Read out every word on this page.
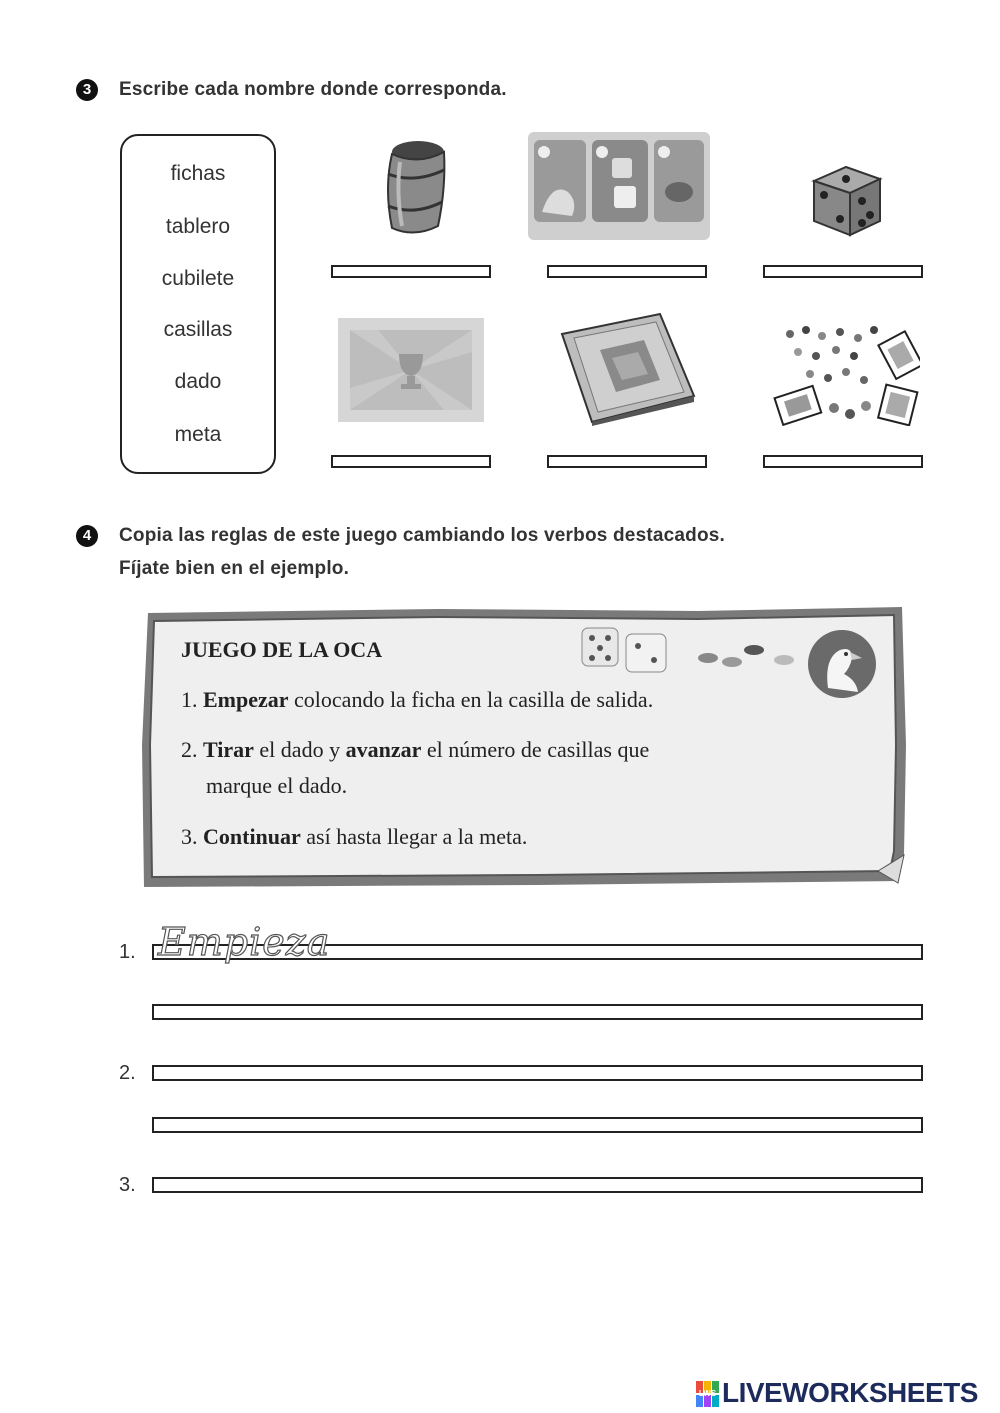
3	Escribe cada nombre donde corresponda.
fichas
tablero
cubilete
casillas
dado
meta
4	Copia las reglas de este juego cambiando los verbos destacados.
Fíjate bien en el ejemplo.
JUEGO DE LA OCA
1. Empezar colocando la ficha en la casilla de salida.
2. Tirar el dado y avanzar el número de casillas que
marque el dado.
3. Continuar así hasta llegar a la meta.
1. Empieza
2.
3.
LWS LIVEWORKSHEETS
